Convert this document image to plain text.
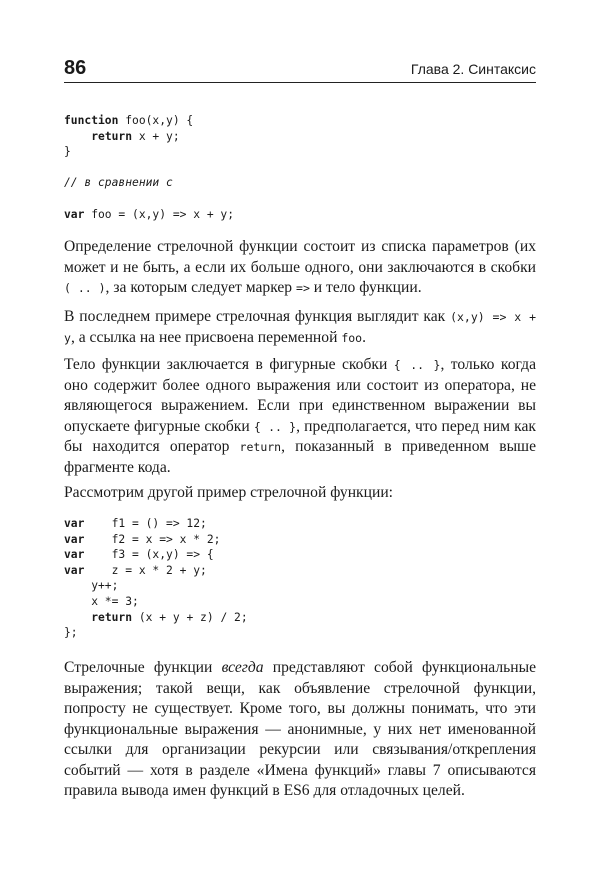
86	Глава 2. Синтаксис
function foo(x,y) {
return x + y;
}

// в сравнении с

var foo = (x,y) => x + y;
Определение стрелочной функции состоит из списка параметров (их может и не быть, а если их больше одного, они заключаются в скобки ( .. ), за которым следует маркер => и тело функции.
В последнем примере стрелочная функция выглядит как (x,y) => x + y, а ссылка на нее присвоена переменной foo.
Тело функции заключается в фигурные скобки { .. }, только когда оно содержит более одного выражения или состоит из оператора, не являющегося выражением. Если при единственном выражении вы опускаете фигурные скобки { .. }, предполагается, что перед ним как бы находится оператор return, показанный в приведенном выше фрагменте кода.
Рассмотрим другой пример стрелочной функции:
var    f1 = () => 12;
var    f2 = x => x * 2;
var    f3 = (x,y) => {
var    z = x * 2 + y;
y++;
x *= 3;
return (x + y + z) / 2;
};
Стрелочные функции всегда представляют собой функциональные выражения; такой вещи, как объявление стрелочной функции, попросту не существует. Кроме того, вы должны понимать, что эти функциональные выражения — анонимные, у них нет именованной ссылки для организации рекурсии или связывания/открепления событий — хотя в разделе «Имена функций» главы 7 описываются правила вывода имен функций в ES6 для отладочных целей.
